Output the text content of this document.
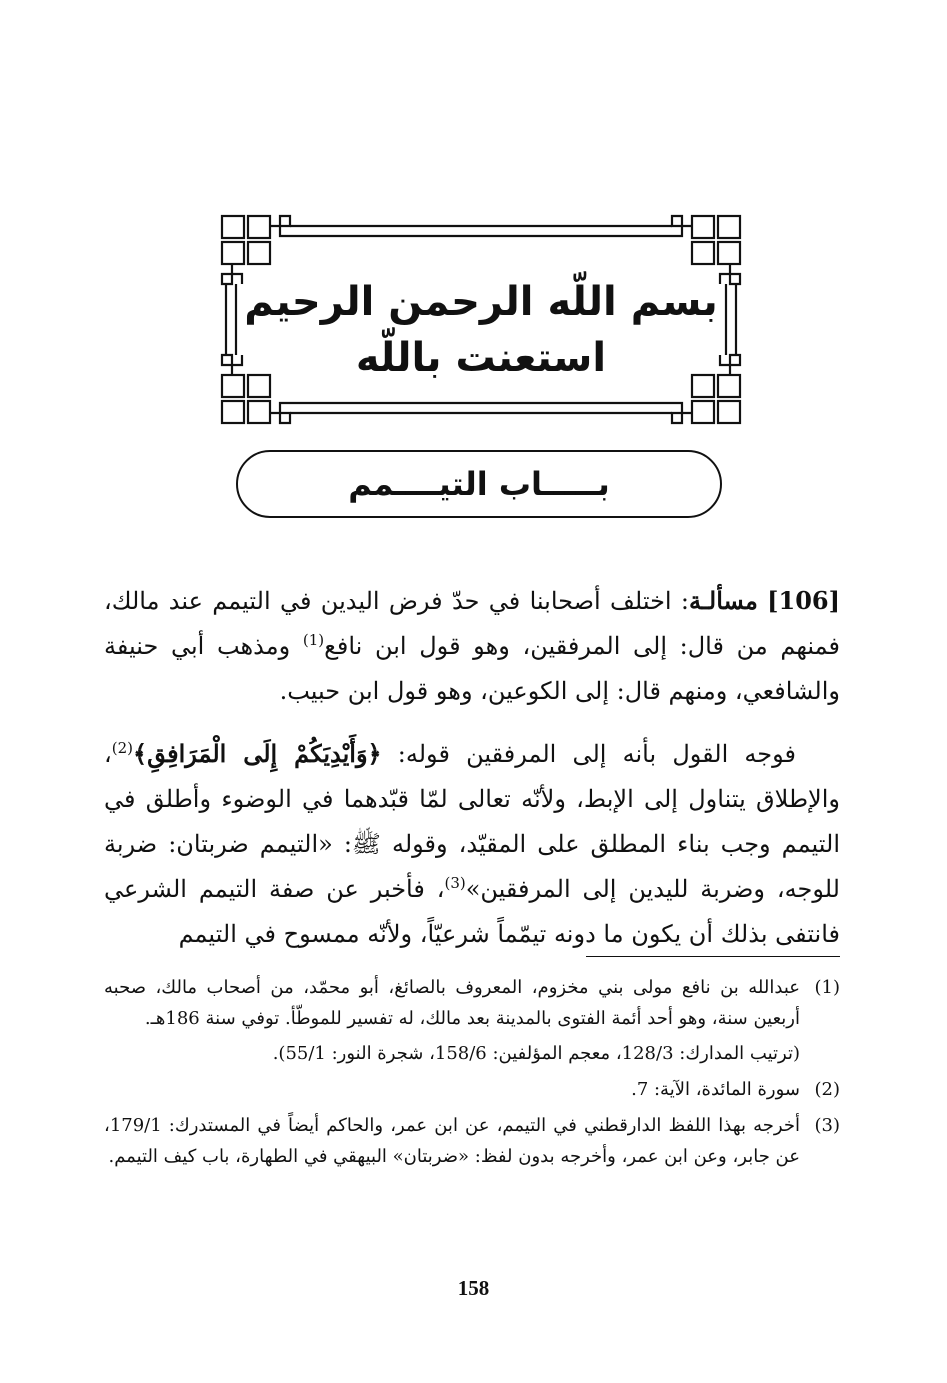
بسم اللّه الرحمن الرحيم
استعنت باللّه
بـــــاب التيــــمم

[106] مسألـة: اختلف أصحابنا في حدّ فرض اليدين في التيمم عند مالك، فمنهم من قال: إلى المرفقين، وهو قول ابن نافع$^{(1)}$ ومذهب أبي حنيفة والشافعي، ومنهم قال: إلى الكوعين، وهو قول ابن حبيب.

فوجه القول بأنه إلى المرفقين قوله: ﴿وَأَيْدِيَكُمْ إِلَى الْمَرَافِقِ﴾$^{(2)}$، والإطلاق يتناول إلى الإبط، ولأنّه تعالى لمّا قبّدهما في الوضوء وأطلق في التيمم وجب بناء المطلق على المقيّد، وقوله ﷺ: «التيمم ضربتان: ضربة للوجه، وضربة لليدين إلى المرفقين»$^{(3)}$، فأخبر عن صفة التيمم الشرعي فانتفى بذلك أن يكون ما دونه تيمّماً شرعيّاً، ولأنّه ممسوح في التيمم

(1)
عبدالله بن نافع مولى بني مخزوم، المعروف بالصائغ، أبو محمّد، من أصحاب مالك، صحبه أربعين سنة، وهو أحد أئمة الفتوى بالمدينة بعد مالك، له تفسير للموطّأ. توفي سنة 186هـ.
(ترتيب المدارك: 128/3، معجم المؤلفين: 158/6، شجرة النور: 55/1).
(2)
سورة المائدة، الآية: 7.
(3)
أخرجه بهذا اللفظ الدارقطني في التيمم، عن ابن عمر، والحاكم أيضاً في المستدرك: 179/1، عن جابر، وعن ابن عمر، وأخرجه بدون لفظ: «ضربتان» البيهقي في الطهارة، باب كيف التيمم.
158
